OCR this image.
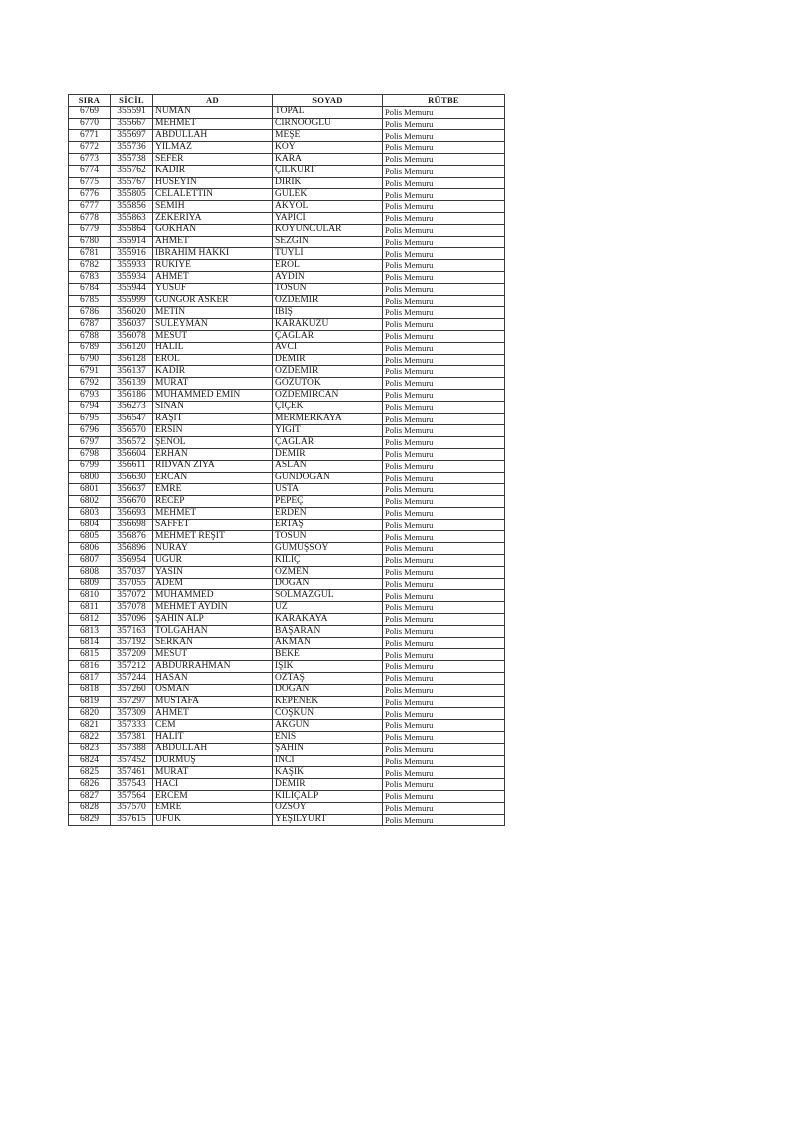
SIRA	SİCİL	AD	SOYAD	RÜTBE
6769	355591	NUMAN	TOPAL	Polis Memuru
6770	355667	MEHMET	CİRNOOĞLU	Polis Memuru
6771	355697	ABDULLAH	MEŞE	Polis Memuru
6772	355736	YILMAZ	KÖY	Polis Memuru
6773	355738	SEFER	KARA	Polis Memuru
6774	355762	KADİR	ÇİLKURT	Polis Memuru
6775	355767	HÜSEYİN	DİRİK	Polis Memuru
6776	355805	CELALETTİN	GÜLEK	Polis Memuru
6777	355856	SEMİH	AKYOL	Polis Memuru
6778	355863	ZEKERİYA	YAPICI	Polis Memuru
6779	355864	GÖKHAN	KOYUNCULAR	Polis Memuru
6780	355914	AHMET	SEZGİN	Polis Memuru
6781	355916	İBRAHİM HAKKI	TUYLI	Polis Memuru
6782	355933	RUKİYE	EROL	Polis Memuru
6783	355934	AHMET	AYDIN	Polis Memuru
6784	355944	YUSUF	TOSUN	Polis Memuru
6785	355999	GÜNGÖR ASKER	ÖZDEMİR	Polis Memuru
6786	356020	METİN	İBİŞ	Polis Memuru
6787	356037	SÜLEYMAN	KARAKUZU	Polis Memuru
6788	356078	MESUT	ÇAĞLAR	Polis Memuru
6789	356120	HALİL	AVCI	Polis Memuru
6790	356128	EROL	DEMİR	Polis Memuru
6791	356137	KADİR	ÖZDEMİR	Polis Memuru
6792	356139	MURAT	GÖZÜTOK	Polis Memuru
6793	356186	MUHAMMED EMİN	ÖZDEMİRCAN	Polis Memuru
6794	356273	SİNAN	ÇİÇEK	Polis Memuru
6795	356547	RAŞİT	MERMERKAYA	Polis Memuru
6796	356570	ERSİN	YİĞİT	Polis Memuru
6797	356572	ŞENOL	ÇAĞLAR	Polis Memuru
6798	356604	ERHAN	DEMİR	Polis Memuru
6799	356611	RIDVAN ZİYA	ASLAN	Polis Memuru
6800	356630	ERCAN	GÜNDOĞAN	Polis Memuru
6801	356637	EMRE	USTA	Polis Memuru
6802	356670	RECEP	PEPEÇ	Polis Memuru
6803	356693	MEHMET	ERDEN	Polis Memuru
6804	356698	SAFFET	ERTAŞ	Polis Memuru
6805	356876	MEHMET REŞİT	TOSUN	Polis Memuru
6806	356896	NURAY	GÜMÜŞSOY	Polis Memuru
6807	356954	UĞUR	KILIÇ	Polis Memuru
6808	357037	YASİN	ÖZMEN	Polis Memuru
6809	357055	ADEM	DOĞAN	Polis Memuru
6810	357072	MUHAMMED	SOLMAZGÜL	Polis Memuru
6811	357078	MEHMET AYDIN	UZ	Polis Memuru
6812	357096	ŞAHİN ALP	KARAKAYA	Polis Memuru
6813	357163	TOLGAHAN	BAŞARAN	Polis Memuru
6814	357192	SERKAN	AKMAN	Polis Memuru
6815	357209	MESUT	BEKE	Polis Memuru
6816	357212	ABDURRAHMAN	IŞIK	Polis Memuru
6817	357244	HASAN	ÖZTAŞ	Polis Memuru
6818	357260	OSMAN	DOĞAN	Polis Memuru
6819	357297	MUSTAFA	KEPENEK	Polis Memuru
6820	357309	AHMET	COŞKUN	Polis Memuru
6821	357333	CEM	AKGÜN	Polis Memuru
6822	357381	HALİT	ENİS	Polis Memuru
6823	357388	ABDULLAH	ŞAHİN	Polis Memuru
6824	357452	DURMUŞ	İNCİ	Polis Memuru
6825	357461	MURAT	KAŞIK	Polis Memuru
6826	357543	HACI	DEMİR	Polis Memuru
6827	357564	ERCEM	KILIÇALP	Polis Memuru
6828	357570	EMRE	ÖZSOY	Polis Memuru
6829	357615	UFUK	YEŞİLYURT	Polis Memuru
